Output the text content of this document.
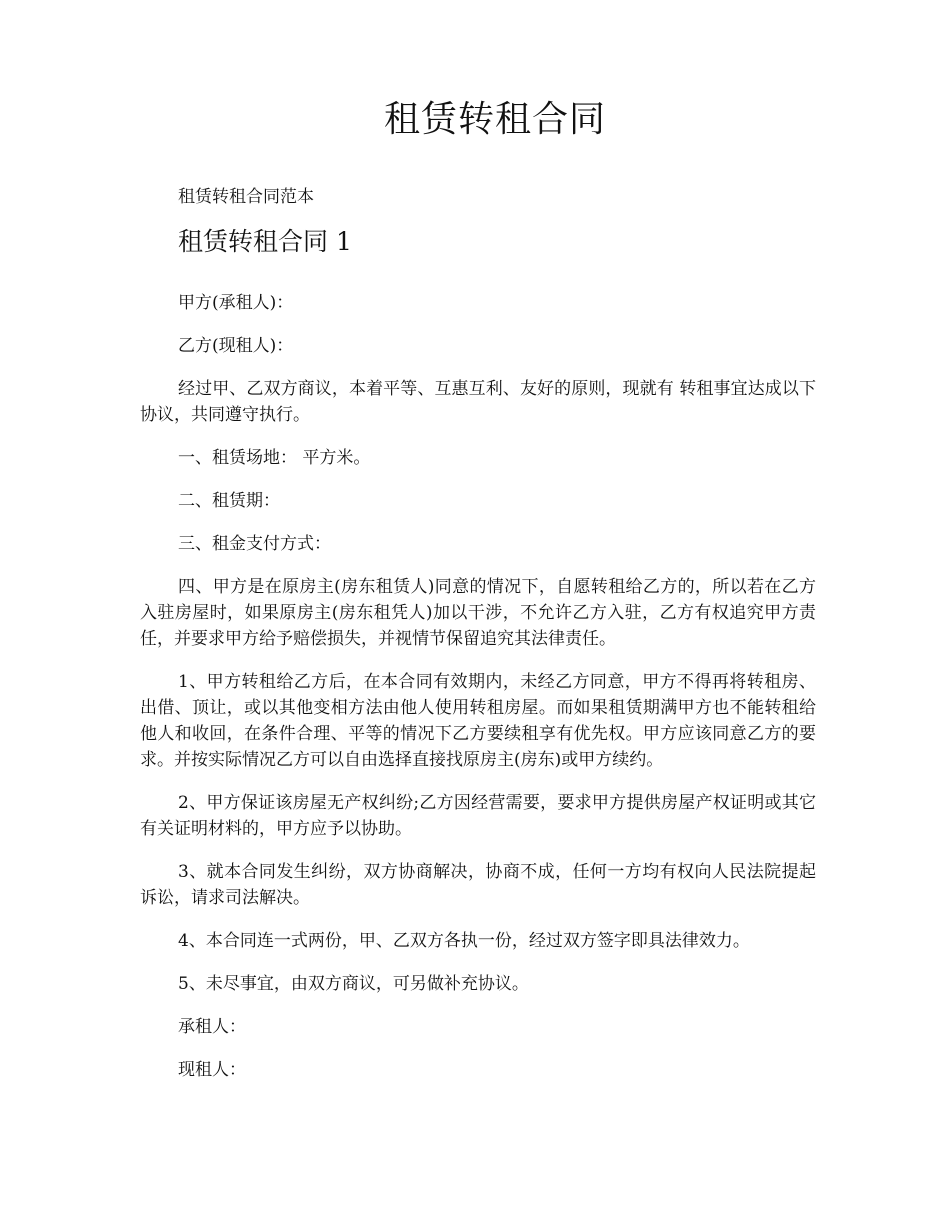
租赁转租合同

租赁转租合同范本

租赁转租合同 1

甲方(承租人)：

乙方(现租人)：

经过甲、乙双方商议，本着平等、互惠互利、友好的原则，现就有 转租事宜达成以下协议，共同遵守执行。

一、租赁场地： 平方米。

二、租赁期：

三、租金支付方式：

四、甲方是在原房主(房东租赁人)同意的情况下，自愿转租给乙方的，所以若在乙方入驻房屋时，如果原房主(房东租凭人)加以干涉，不允许乙方入驻，乙方有权追究甲方责任，并要求甲方给予赔偿损失，并视情节保留追究其法律责任。

1、甲方转租给乙方后，在本合同有效期内，未经乙方同意，甲方不得再将转租房、出借、顶让，或以其他变相方法由他人使用转租房屋。而如果租赁期满甲方也不能转租给他人和收回，在条件合理、平等的情况下乙方要续租享有优先权。甲方应该同意乙方的要求。并按实际情况乙方可以自由选择直接找原房主(房东)或甲方续约。

2、甲方保证该房屋无产权纠纷;乙方因经营需要，要求甲方提供房屋产权证明或其它有关证明材料的，甲方应予以协助。

3、就本合同发生纠纷，双方协商解决，协商不成，任何一方均有权向人民法院提起诉讼，请求司法解决。

4、本合同连一式两份，甲、乙双方各执一份，经过双方签字即具法律效力。

5、未尽事宜，由双方商议，可另做补充协议。

承租人：

现租人：
